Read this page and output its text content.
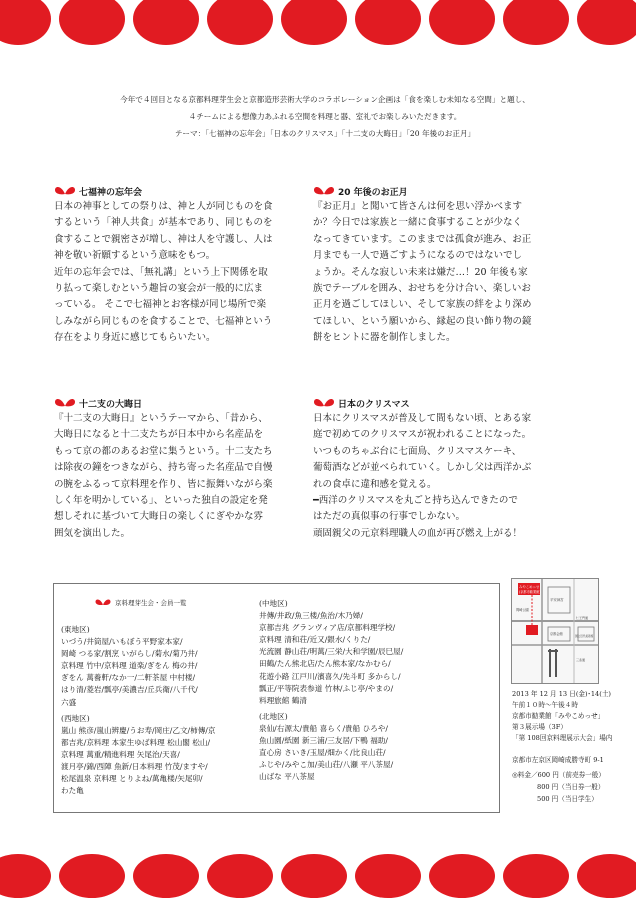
今年で４回目となる京都料理芽生会と京都造形芸術大学のコラボレーション企画は「食を楽しむ未知なる空間」と題し、

４チームによる想像力あふれる空間を料理と器、室礼でお楽しみいただきます。

テーマ：「七福神の忘年会」「日本のクリスマス」「十二支の大晦日」「20 年後のお正月」

七福神の忘年会

日本の神事としての祭りは、神と人が同じものを食

するという「神人共食」が基本であり、同じものを

食することで親密さが増し、神は人を守護し、人は

神を敬い祈願するという意味をもつ。

近年の忘年会では、「無礼講」という上下関係を取

り払って楽しむという趣旨の宴会が一般的に広ま

っている。 そこで七福神とお客様が同じ場所で楽

しみながら同じものを食することで、七福神という

存在をより身近に感じてもらいたい。

20 年後のお正月

『お正月』と聞いて皆さんは何を思い浮かべます

か？今日では家族と一緒に食事することが少なく

なってきています。このままでは孤食が進み、お正

月までも一人で過ごすようになるのではないでし

ょうか。そんな寂しい未来は嫌だ…！20 年後も家

族でテーブルを囲み、おせちを分け合い、楽しいお

正月を過ごしてほしい、そして家族の絆をより深め

てほしい、という願いから、縁起の良い飾り物の鏡

餅をヒントに器を制作しました。

十二支の大晦日

『十二支の大晦日』というテーマから、「昔から、

大晦日になると十二支たちが日本中から名産品を

もって京の都のあるお堂に集うという。十二支たち

は除夜の鐘をつきながら、持ち寄った名産品で自慢

の腕をふるって京料理を作り、皆に振舞いながら楽

しく年を明かしている」、といった独自の設定を発

想しそれに基づいて大晦日の楽しくにぎやかな雰

囲気を演出した。

日本のクリスマス

日本にクリスマスが普及して間もない頃、とある家

庭で初めてのクリスマスが祝われることになった。

いつものちゃぶ台に七面鳥、クリスマスケーキ、

葡萄酒などが並べられていく。しかし父は西洋かぶ

れの食卓に違和感を覚える。

━西洋のクリスマスを丸ごと持ち込んできたので

はただの真似事の行事でしかない。

頑固親父の元京料理職人の血が再び燃え上がる！

京料理芽生会・会員一覧

(東地区)

いづう/井筒屋/いもぼう平野家本家/

岡崎 つる家/割烹 いがらし/菊水/菊乃井/

京料理 竹中/京料理 道楽/ぎをん 梅の井/

ぎをん 萬養軒/なか一/二軒茶屋 中村楼/

はり清/菱岩/瓢亭/美濃吉/丘兵衛/八千代/

六盛

(西地区)

嵐山 熊彦/嵐山辨慶/うお寿/岡庄/乙文/柿傳/京

都吉兆/京料理 本家生ゆば料理 松山閣 松山/

京料理 萬重/精進料理 矢尾治/天喜/

渡月亭/錦/西陣 魚新/日本料理 竹茂/ますや/

松尾温泉 京料理 とりよね/萬亀楼/矢尾卯/

わた亀

(中地区)

井傳/井政/魚三楼/魚治/木乃婦/

京都吉兆 グランヴィア店/京都料理学校/

京料理 清和荘/近又/銀水/くりた/

光流園 静山荘/明萬/三栄/大和学園/辰巳屋/

田鶴/たん熊北店/たん熊本家/なかむら/

花遊小路 江戸川/濱喜久/先斗町 多からし/

瓢正/平等院表参道 竹林/ふじ亭/やまの/

料理旅館 鶴清

(北地区)

泉仙/右源太/貴船 喜らく/貴船 ひろや/

魚山園/紙園 新三浦/三友居/下鴨 福助/

直心房 さいき/玉屋/畑かく/比良山荘/

ふじや/みやこ加/美山荘/八瀬 平八茶屋/

山ばな 平八茶屋

みやこめっせ
(京都市勧業館)
平安神宮
京都会館
国立近代美術館
岡崎公園
仁王門通
三条通

2013 年 12 月 13 日(金)･14(土)

午前１０時〜午後４時

京都市勧業館「みやこめっせ」

第３展示場（3F）

「第 108回京料理展示大会」場内

京都市左京区岡崎成勝寺町 9-1

◎料金／600 円（前売券一般）

800 円（当日券一般）

500 円（当日学生）
